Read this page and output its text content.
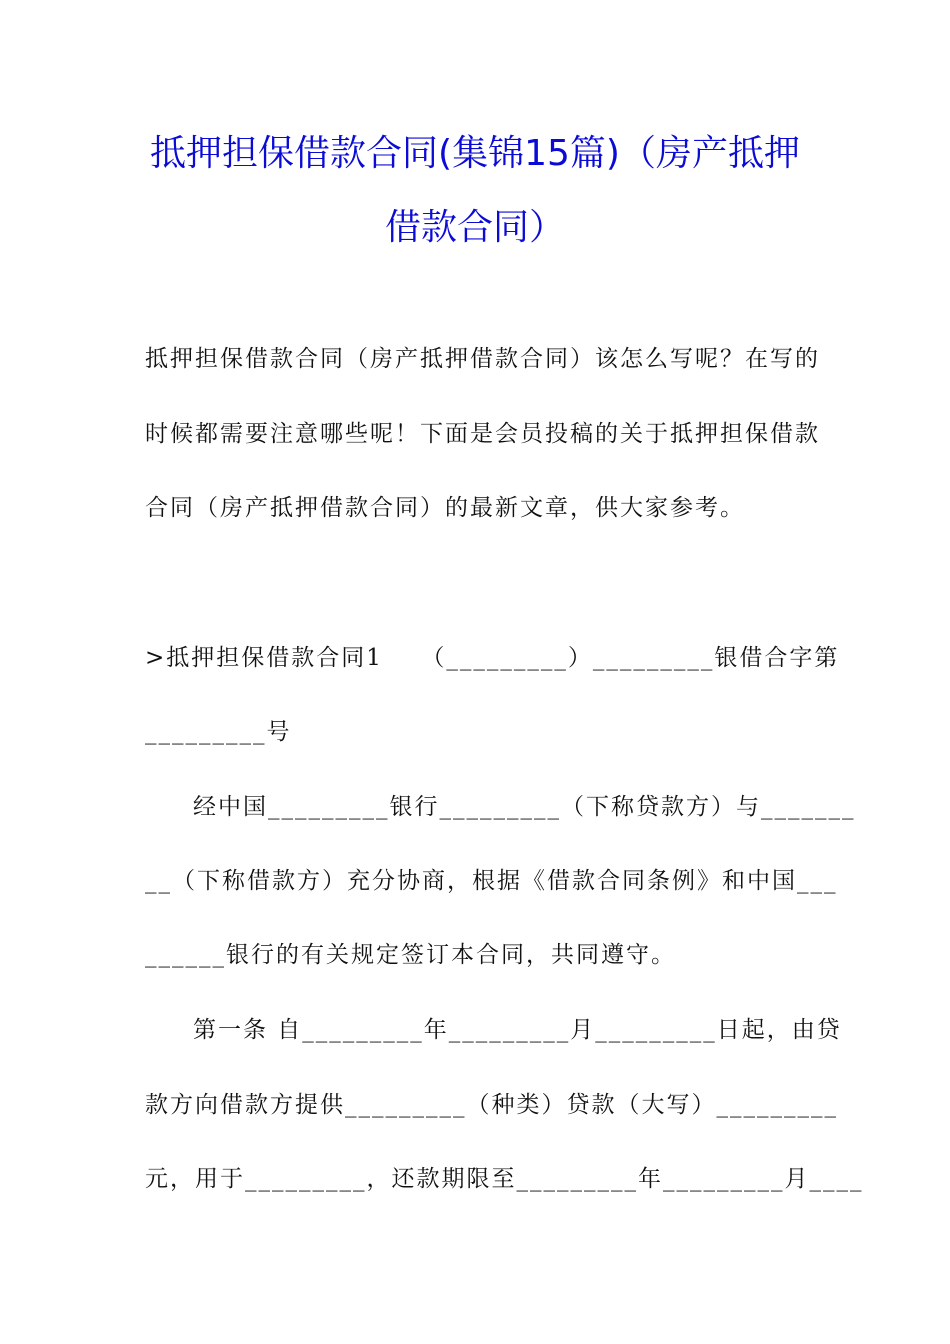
抵押担保借款合同(集锦15篇)（房产抵押
借款合同）
抵押担保借款合同（房产抵押借款合同）该怎么写呢？在写的
时候都需要注意哪些呢！下面是会员投稿的关于抵押担保借款
合同（房产抵押借款合同）的最新文章，供大家参考。
>抵押担保借款合同1　　（_________）_________银借合字第
_________号
经中国_________银行_________（下称贷款方）与_______
__（下称借款方）充分协商，根据《借款合同条例》和中国___
______银行的有关规定签订本合同，共同遵守。
第一条 自_________年_________月_________日起，由贷
款方向借款方提供_________（种类）贷款（大写）_________
元，用于_________，还款期限至_________年_________月____
